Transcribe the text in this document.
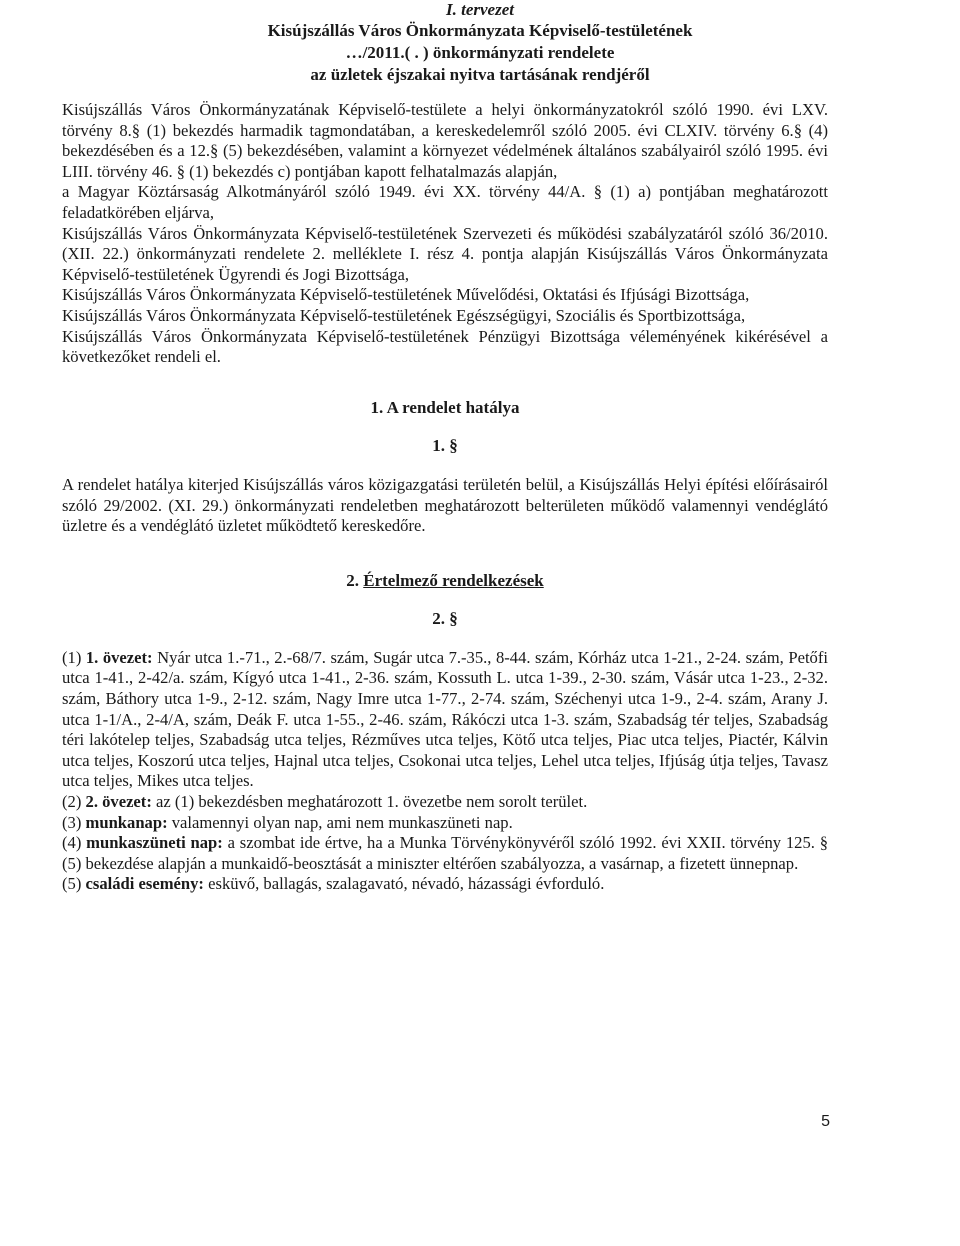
I. tervezet
Kisújszállás Város Önkormányzata Képviselő-testületének
…/2011.( . ) önkormányzati rendelete
az üzletek éjszakai nyitva tartásának rendjéről

Kisújszállás Város Önkormányzatának Képviselő-testülete a helyi önkormányzatokról szóló 1990. évi LXV. törvény 8.§ (1) bekezdés harmadik tagmondatában, a kereskedelemről szóló 2005. évi CLXIV. törvény 6.§ (4) bekezdésében és a 12.§ (5) bekezdésében, valamint a környezet védelmének általános szabályairól szóló 1995. évi LIII. törvény 46. § (1) bekezdés c) pontjában kapott felhatalmazás alapján,

a Magyar Köztársaság Alkotmányáról szóló 1949. évi XX. törvény 44/A. § (1) a) pontjában meghatározott feladatkörében eljárva,

Kisújszállás Város Önkormányzata Képviselő-testületének Szervezeti és működési szabályzatáról szóló 36/2010. (XII. 22.) önkormányzati rendelete 2. melléklete I. rész 4. pontja alapján Kisújszállás Város Önkormányzata Képviselő-testületének Ügyrendi és Jogi Bizottsága,

Kisújszállás Város Önkormányzata Képviselő-testületének Művelődési, Oktatási és Ifjúsági Bizottsága,

Kisújszállás Város Önkormányzata Képviselő-testületének Egészségügyi, Szociális és Sportbizottsága,

Kisújszállás Város Önkormányzata Képviselő-testületének Pénzügyi Bizottsága véleményének kikérésével a következőket rendeli el.

1. A rendelet hatálya
1. §

A rendelet hatálya kiterjed Kisújszállás város közigazgatási területén belül, a Kisújszállás Helyi építési előírásairól szóló 29/2002. (XI. 29.) önkormányzati rendeletben meghatározott belterületen működő valamennyi vendéglátó üzletre és a vendéglátó üzletet működtető kereskedőre.

2. Értelmező rendelkezések
2. §

(1) 1. övezet: Nyár utca 1.-71., 2.-68/7. szám, Sugár utca 7.-35., 8-44. szám, Kórház utca 1-21., 2-24. szám, Petőfi utca 1-41., 2-42/a. szám, Kígyó utca 1-41., 2-36. szám, Kossuth L. utca 1-39., 2-30. szám, Vásár utca 1-23., 2-32. szám, Báthory utca 1-9., 2-12. szám, Nagy Imre utca 1-77., 2-74. szám, Széchenyi utca 1-9., 2-4. szám, Arany J. utca 1-1/A., 2-4/A, szám, Deák F. utca 1-55., 2-46. szám, Rákóczi utca 1-3. szám, Szabadság tér teljes, Szabadság téri lakótelep teljes, Szabadság utca teljes, Rézműves utca teljes, Kötő utca teljes, Piac utca teljes, Piactér, Kálvin utca teljes, Koszorú utca teljes, Hajnal utca teljes, Csokonai utca teljes, Lehel utca teljes, Ifjúság útja teljes, Tavasz utca teljes, Mikes utca teljes.

(2) 2. övezet: az (1) bekezdésben meghatározott 1. övezetbe nem sorolt terület.

(3) munkanap: valamennyi olyan nap, ami nem munkaszüneti nap.

(4) munkaszüneti nap: a szombat ide értve, ha a Munka Törvénykönyvéről szóló 1992. évi XXII. törvény 125. § (5) bekezdése alapján a munkaidő-beosztását a miniszter eltérően szabályozza, a vasárnap, a fizetett ünnepnap.

(5) családi esemény: esküvő, ballagás, szalagavató, névadó, házassági évforduló.

5
